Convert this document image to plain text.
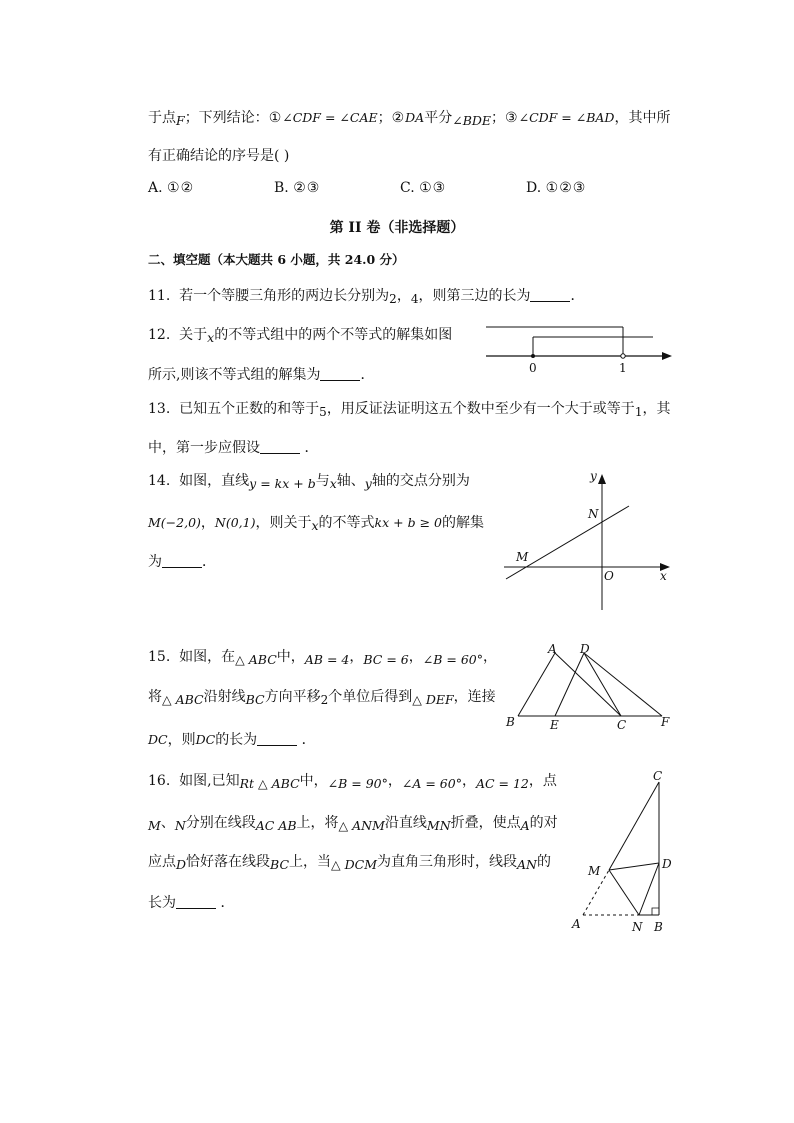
于点F；下列结论：①∠CDF = ∠CAE；②DA平分∠BDE；③∠CDF = ∠BAD，其中所
有正确结论的序号是( )
A. ①②	B. ②③	C. ①③	D. ①②③
第 II 卷（非选择题）
二、填空题（本大题共 6 小题，共 24.0 分）
11. 若一个等腰三角形的两边长分别为2，4，则第三边的长为	．
12. 关于x的不等式组中的两个不等式的解集如图
所示,则该不等式组的解集为	．	0	1
13. 已知五个正数的和等于5，用反证法证明这五个数中至少有一个大于或等于1，其
中，第一步应假设	．
14. 如图，直线y = kx + b与x轴、y轴的交点分别为
M(−2,0)，N(0,1)，则关于x的不等式kx + b ≥ 0的解集
为	．
y
N
M
O	x
15. 如图，在△ ABC中，AB = 4，BC = 6，∠B = 60°，
将△ ABC沿射线BC方向平移2个单位后得到△ DEF，连接
DC，则DC的长为	．
A D
B	E	C	F
16. 如图,已知Rt △ ABC中，∠B = 90°，∠A = 60°，AC = 12，点
M、N分别在线段AC AB上，将△ ANM沿直线MN折叠，使点A的对
应点D恰好落在线段BC上，当△ DCM为直角三角形时，线段AN的
长为	．
C
M	D
A	N B
